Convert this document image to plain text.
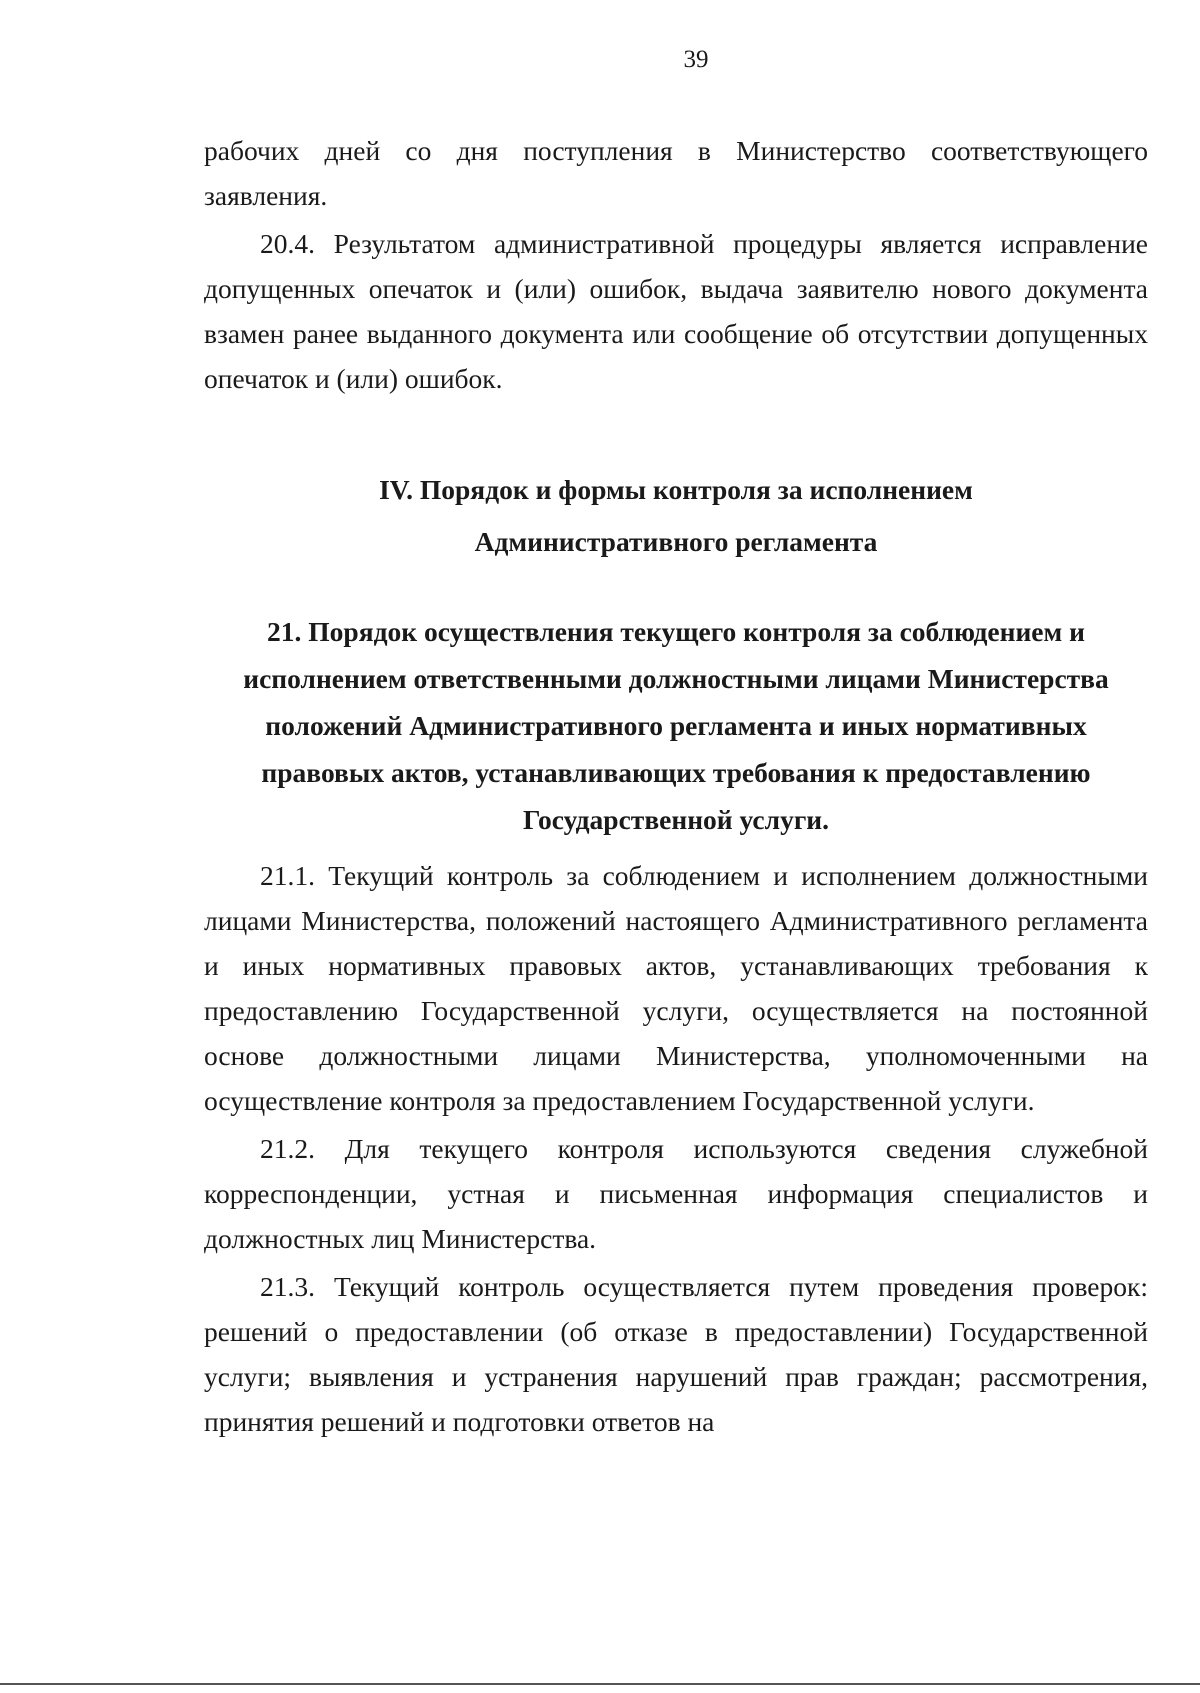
39

рабочих дней со дня поступления в Министерство соответствующего заявления.

20.4. Результатом административной процедуры является исправление допущенных опечаток и (или) ошибок, выдача заявителю нового документа взамен ранее выданного документа или сообщение об отсутствии допущенных опечаток и (или) ошибок.

IV. Порядок и формы контроля за исполнением
Административного регламента
21. Порядок осуществления текущего контроля за соблюдением и
исполнением ответственными должностными лицами Министерства
положений Административного регламента и иных нормативных
правовых актов, устанавливающих требования к предоставлению
Государственной услуги.

21.1. Текущий контроль за соблюдением и исполнением должностными лицами Министерства, положений настоящего Административного регламента и иных нормативных правовых актов, устанавливающих требования к предоставлению Государственной услуги, осуществляется на постоянной основе должностными лицами Министерства, уполномоченными на осуществление контроля за предоставлением Государственной услуги.

21.2. Для текущего контроля используются сведения служебной корреспонденции, устная и письменная информация специалистов и должностных лиц Министерства.

21.3. Текущий контроль осуществляется путем проведения проверок: решений о предоставлении (об отказе в предоставлении) Государственной услуги; выявления и устранения нарушений прав граждан; рассмотрения, принятия решений и подготовки ответов на
